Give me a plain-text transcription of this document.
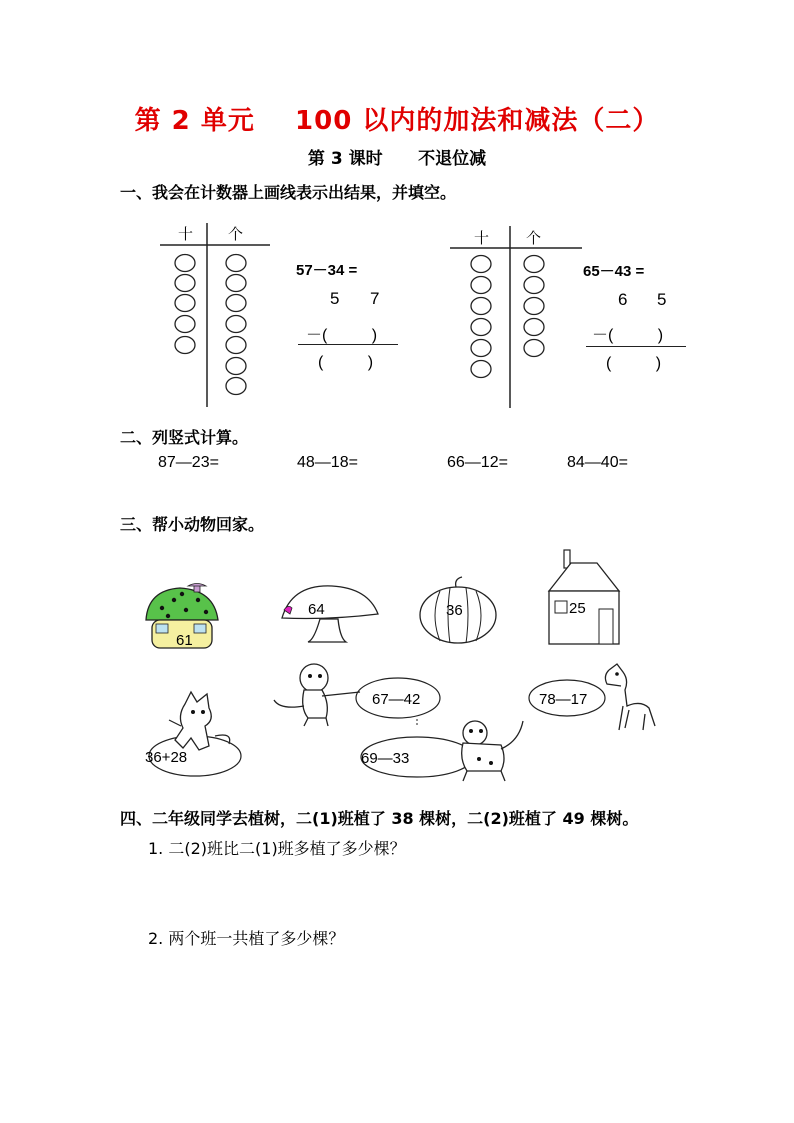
第 2 单元    100 以内的加法和减法（二）
第 3 课时      不退位减
一、我会在计数器上画线表示出结果，并填空。
十 个
57－34 =
5 7
－(          )
(          )
十 个
65－43 =
6 5
－(          )
(          )
二、列竖式计算。
87—23=	48—18=	66—12=	84—40=
三、帮小动物回家。
61
64	36	25
36+28
67—42
69—33
78—17
四、二年级同学去植树，二(1)班植了 38 棵树，二(2)班植了 49 棵树。
1. 二(2)班比二(1)班多植了多少棵？
2. 两个班一共植了多少棵？
